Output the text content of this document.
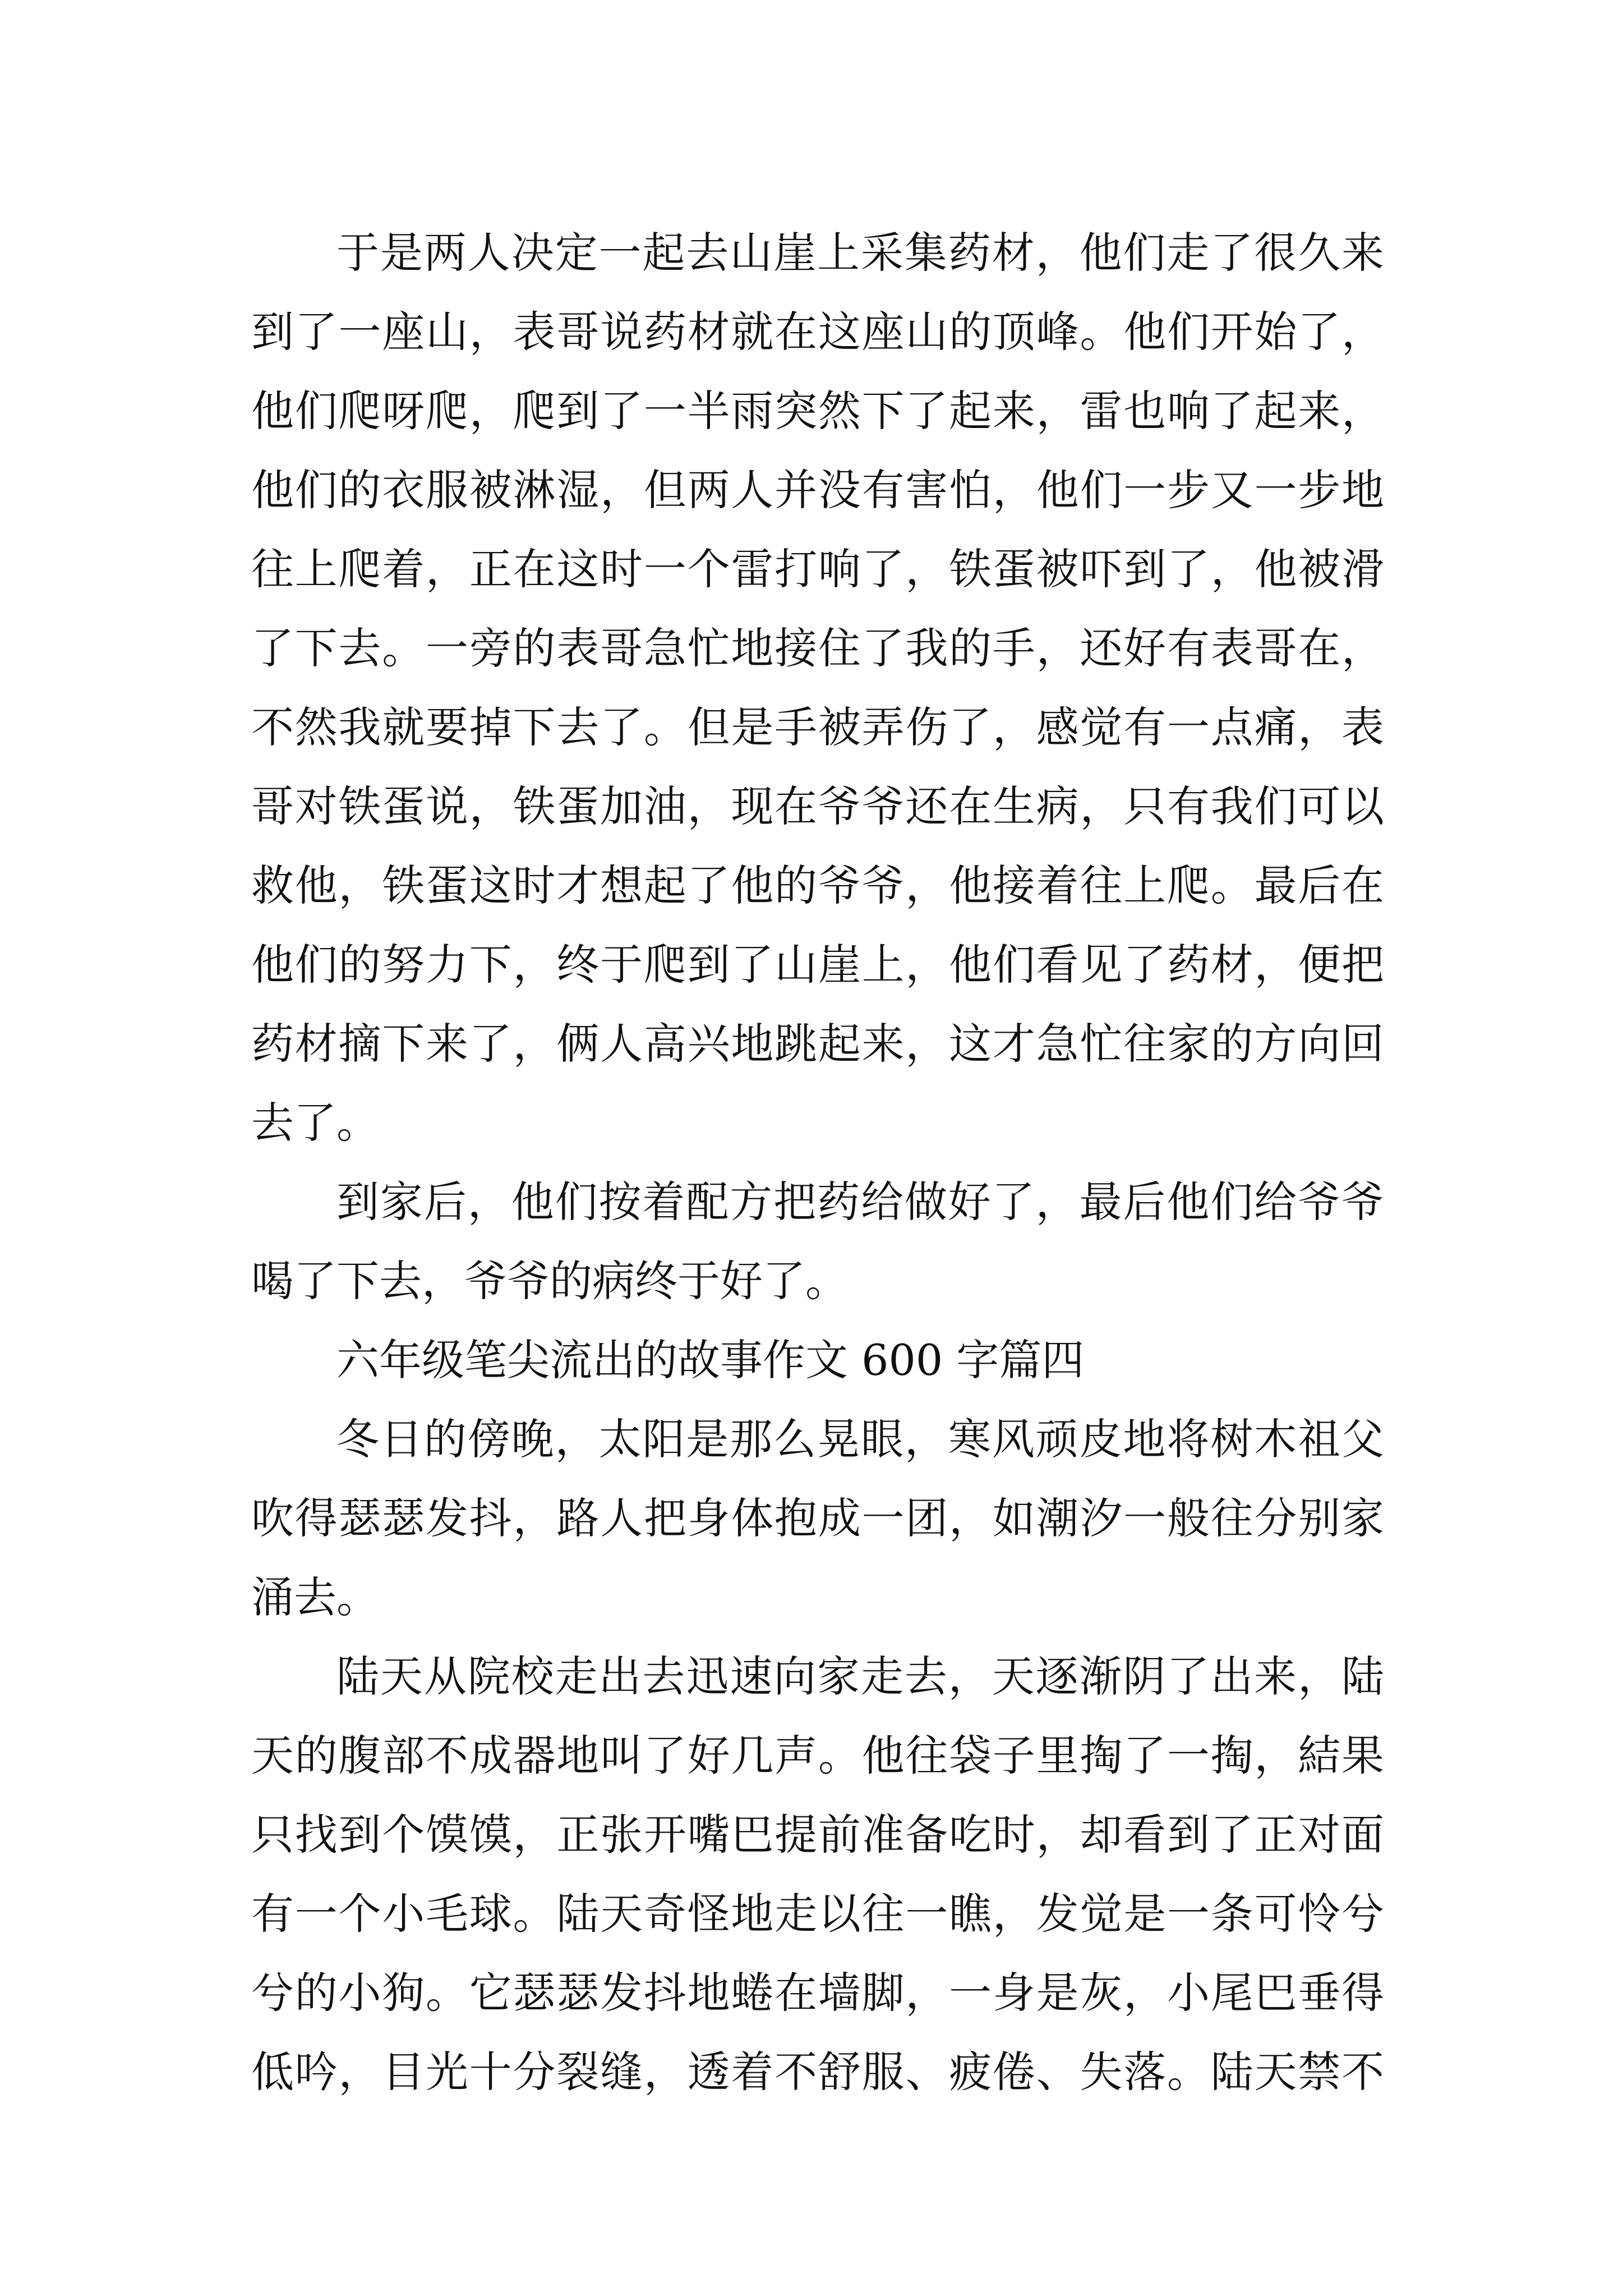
于是两人决定一起去山崖上采集药材，他们走了很久来
到了一座山，表哥说药材就在这座山的顶峰。他们开始了，
他们爬呀爬，爬到了一半雨突然下了起来，雷也响了起来，
他们的衣服被淋湿，但两人并没有害怕，他们一步又一步地
往上爬着，正在这时一个雷打响了，铁蛋被吓到了，他被滑
了下去。一旁的表哥急忙地接住了我的手，还好有表哥在，
不然我就要掉下去了。但是手被弄伤了，感觉有一点痛，表
哥对铁蛋说，铁蛋加油，现在爷爷还在生病，只有我们可以
救他，铁蛋这时才想起了他的爷爷，他接着往上爬。最后在
他们的努力下，终于爬到了山崖上，他们看见了药材，便把
药材摘下来了，俩人高兴地跳起来，这才急忙往家的方向回
去了。
到家后，他们按着配方把药给做好了，最后他们给爷爷
喝了下去，爷爷的病终于好了。
六年级笔尖流出的故事作文 600 字篇四
冬日的傍晚，太阳是那么晃眼，寒风顽皮地将树木祖父
吹得瑟瑟发抖，路人把身体抱成一团，如潮汐一般往分别家
涌去。
陆天从院校走出去迅速向家走去，天逐渐阴了出来，陆
天的腹部不成器地叫了好几声。他往袋子里掏了一掏，結果
只找到个馍馍，正张开嘴巴提前准备吃时，却看到了正对面
有一个小毛球。陆天奇怪地走以往一瞧，发觉是一条可怜兮
兮的小狗。它瑟瑟发抖地蜷在墙脚，一身是灰，小尾巴垂得
低吟，目光十分裂缝，透着不舒服、疲倦、失落。陆天禁不
